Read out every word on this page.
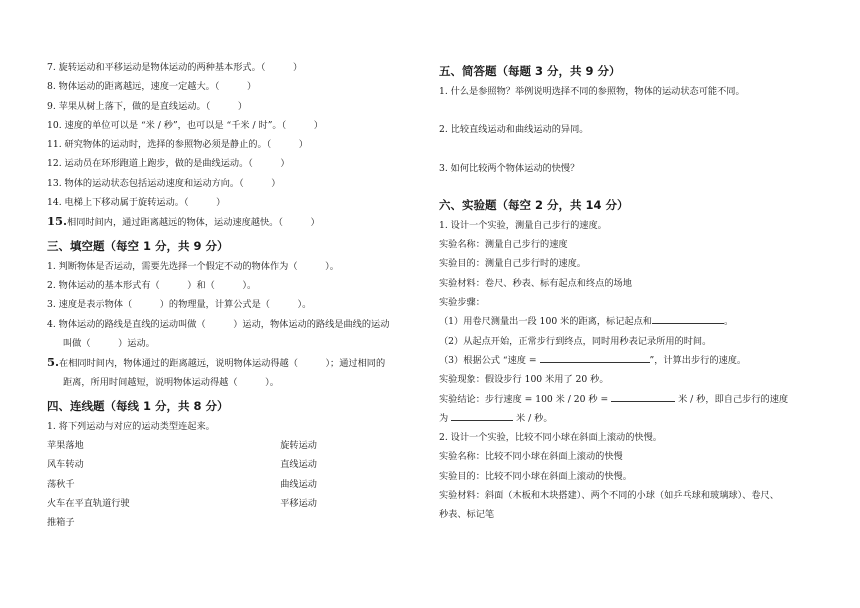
7. 旋转运动和平移运动是物体运动的两种基本形式。（　　　）
8. 物体运动的距离越远，速度一定越大。（　　　）
9. 苹果从树上落下，做的是直线运动。（　　　）
10. 速度的单位可以是 “米 / 秒”，也可以是 “千米 / 时”。（　　　）
11. 研究物体的运动时，选择的参照物必须是静止的。（　　　）
12. 运动员在环形跑道上跑步，做的是曲线运动。（　　　）
13. 物体的运动状态包括运动速度和运动方向。（　　　）
14. 电梯上下移动属于旋转运动。（　　　）
15.相同时间内，通过距离越远的物体，运动速度越快。（　　　）
三、填空题（每空 1 分，共 9 分）
1. 判断物体是否运动，需要先选择一个假定不动的物体作为（　　　）。
2. 物体运动的基本形式有（　　　）和（　　　）。
3. 速度是表示物体（　　　）的物理量，计算公式是（　　　）。
4. 物体运动的路线是直线的运动叫做（　　　）运动，物体运动的路线是曲线的运动
叫做（　　　）运动。
5.在相同时间内，物体通过的距离越远，说明物体运动得越（　　　）；通过相同的
距离，所用时间越短，说明物体运动得越（　　　）。
四、连线题（每线 1 分，共 8 分）
1. 将下列运动与对应的运动类型连起来。
苹果落地	旋转运动
风车转动	直线运动
荡秋千	曲线运动
火车在平直轨道行驶	平移运动
推箱子
五、简答题（每题 3 分，共 9 分）
1. 什么是参照物？举例说明选择不同的参照物，物体的运动状态可能不同。
2. 比较直线运动和曲线运动的异同。
3. 如何比较两个物体运动的快慢？
六、实验题（每空 2 分，共 14 分）
1. 设计一个实验，测量自己步行的速度。
实验名称：测量自己步行的速度
实验目的：测量自己步行时的速度。
实验材料：卷尺、秒表、标有起点和终点的场地
实验步骤：
（1）用卷尺测量出一段 100 米的距离，标记起点和	。
（2）从起点开始，正常步行到终点，同时用秒表记录所用的时间。
（3）根据公式 “速度 =	”，计算出步行的速度。
实验现象：假设步行 100 米用了 20 秒。
实验结论：步行速度 = 100 米 / 20 秒 =	米 / 秒，即自己步行的速度
为	米 / 秒。
2. 设计一个实验，比较不同小球在斜面上滚动的快慢。
实验名称：比较不同小球在斜面上滚动的快慢
实验目的：比较不同小球在斜面上滚动的快慢。
实验材料：斜面（木板和木块搭建）、两个不同的小球（如乒乓球和玻璃球）、卷尺、
秒表、标记笔
